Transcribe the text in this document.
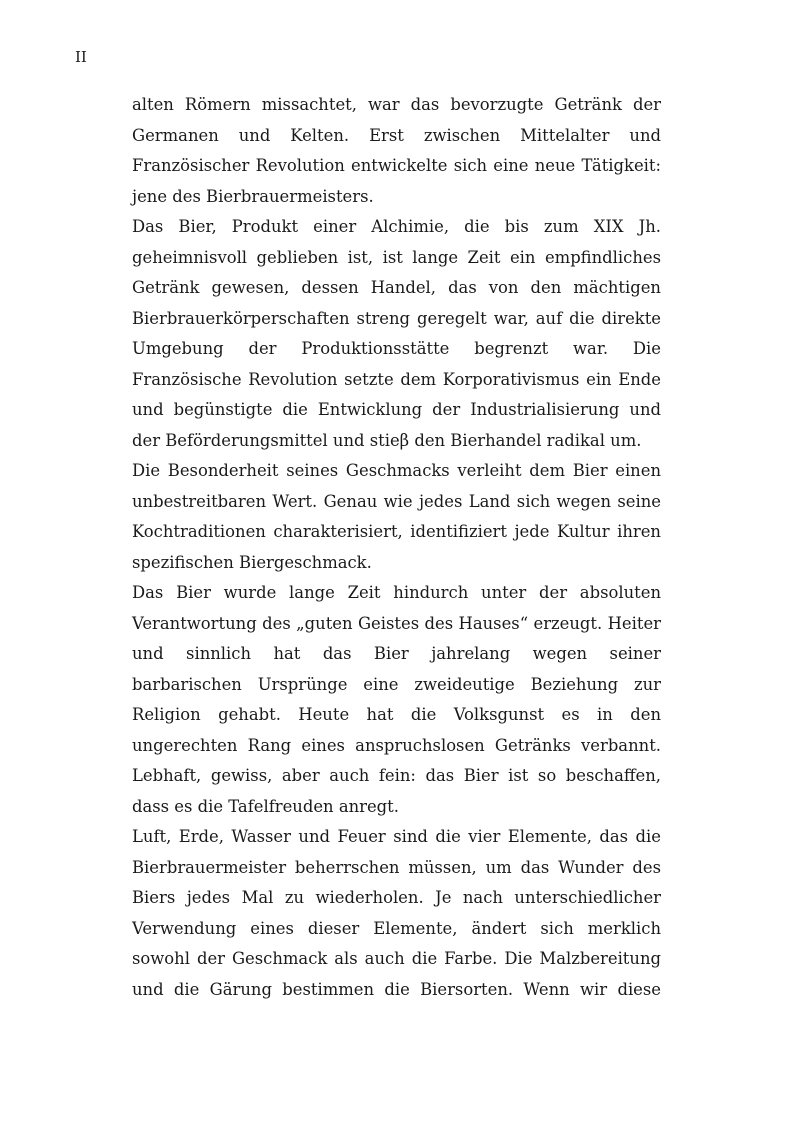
II
alten Römern missachtet, war das bevorzugte Getränk der
Germanen und Kelten. Erst zwischen Mittelalter und
Französischer Revolution entwickelte sich eine neue Tätigkeit:
jene des Bierbrauermeisters.
Das Bier, Produkt einer Alchimie, die bis zum XIX Jh.
geheimnisvoll geblieben ist, ist lange Zeit ein empfindliches
Getränk gewesen, dessen Handel, das von den mächtigen
Bierbrauerkörperschaften streng geregelt war, auf die direkte
Umgebung der Produktionsstätte begrenzt war. Die
Französische Revolution setzte dem Korporativismus ein Ende
und begünstigte die Entwicklung der Industrialisierung und
der Beförderungsmittel und stieβ den Bierhandel radikal um.
Die Besonderheit seines Geschmacks verleiht dem Bier einen
unbestreitbaren Wert. Genau wie jedes Land sich wegen seine
Kochtraditionen charakterisiert, identifiziert jede Kultur ihren
spezifischen Biergeschmack.
Das Bier wurde lange Zeit hindurch unter der absoluten
Verantwortung des „guten Geistes des Hauses“ erzeugt. Heiter
und sinnlich hat das Bier jahrelang wegen seiner
barbarischen Ursprünge eine zweideutige Beziehung zur
Religion gehabt. Heute hat die Volksgunst es in den
ungerechten Rang eines anspruchslosen Getränks verbannt.
Lebhaft, gewiss, aber auch fein: das Bier ist so beschaffen,
dass es die Tafelfreuden anregt.
Luft, Erde, Wasser und Feuer sind die vier Elemente, das die
Bierbrauermeister beherrschen müssen, um das Wunder des
Biers jedes Mal zu wiederholen. Je nach unterschiedlicher
Verwendung eines dieser Elemente, ändert sich merklich
sowohl der Geschmack als auch die Farbe. Die Malzbereitung
und die Gärung bestimmen die Biersorten. Wenn wir diese
